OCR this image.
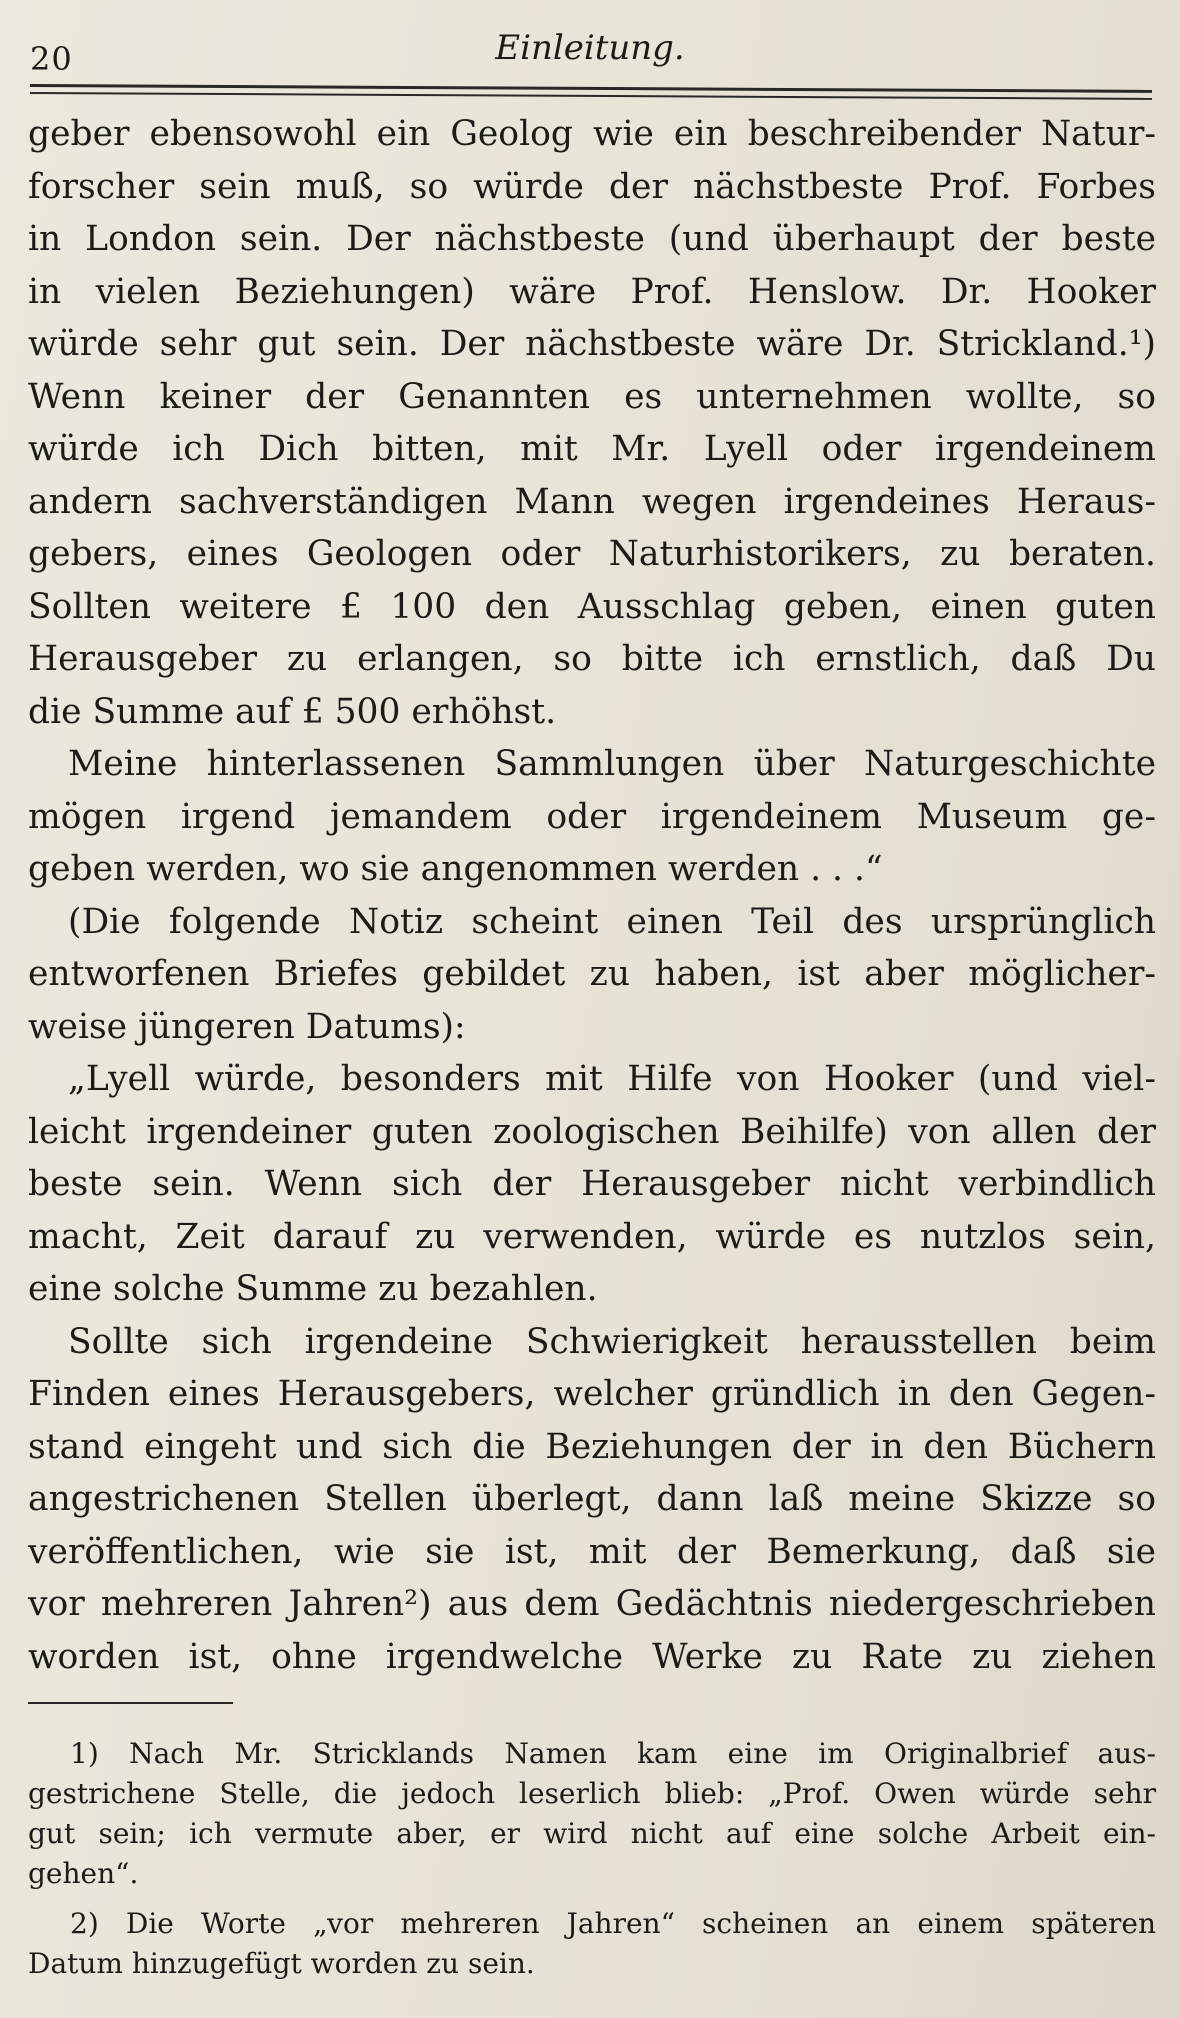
20	Einleitung.
geber ebensowohl ein Geolog wie ein beschreibender Natur-
forscher sein muß, so würde der nächstbeste Prof. Forbes
in London sein. Der nächstbeste (und überhaupt der beste
in vielen Beziehungen) wäre Prof. Henslow. Dr. Hooker
würde sehr gut sein. Der nächstbeste wäre Dr. Strickland.¹)
Wenn keiner der Genannten es unternehmen wollte, so
würde ich Dich bitten, mit Mr. Lyell oder irgendeinem
andern sachverständigen Mann wegen irgendeines Heraus-
gebers, eines Geologen oder Naturhistorikers, zu beraten.
Sollten weitere £ 100 den Ausschlag geben, einen guten
Herausgeber zu erlangen, so bitte ich ernstlich, daß Du
die Summe auf £ 500 erhöhst.
Meine hinterlassenen Sammlungen über Naturgeschichte
mögen irgend jemandem oder irgendeinem Museum ge-
geben werden, wo sie angenommen werden . . .“
(Die folgende Notiz scheint einen Teil des ursprünglich
entworfenen Briefes gebildet zu haben, ist aber möglicher-
weise jüngeren Datums):
„Lyell würde, besonders mit Hilfe von Hooker (und viel-
leicht irgendeiner guten zoologischen Beihilfe) von allen der
beste sein. Wenn sich der Herausgeber nicht verbindlich
macht, Zeit darauf zu verwenden, würde es nutzlos sein,
eine solche Summe zu bezahlen.
Sollte sich irgendeine Schwierigkeit herausstellen beim
Finden eines Herausgebers, welcher gründlich in den Gegen-
stand eingeht und sich die Beziehungen der in den Büchern
angestrichenen Stellen überlegt, dann laß meine Skizze so
veröffentlichen, wie sie ist, mit der Bemerkung, daß sie
vor mehreren Jahren²) aus dem Gedächtnis niedergeschrieben
worden ist, ohne irgendwelche Werke zu Rate zu ziehen
1) Nach Mr. Stricklands Namen kam eine im Originalbrief aus-
gestrichene Stelle, die jedoch leserlich blieb: „Prof. Owen würde sehr
gut sein; ich vermute aber, er wird nicht auf eine solche Arbeit ein-
gehen“.
2) Die Worte „vor mehreren Jahren“ scheinen an einem späteren
Datum hinzugefügt worden zu sein.
